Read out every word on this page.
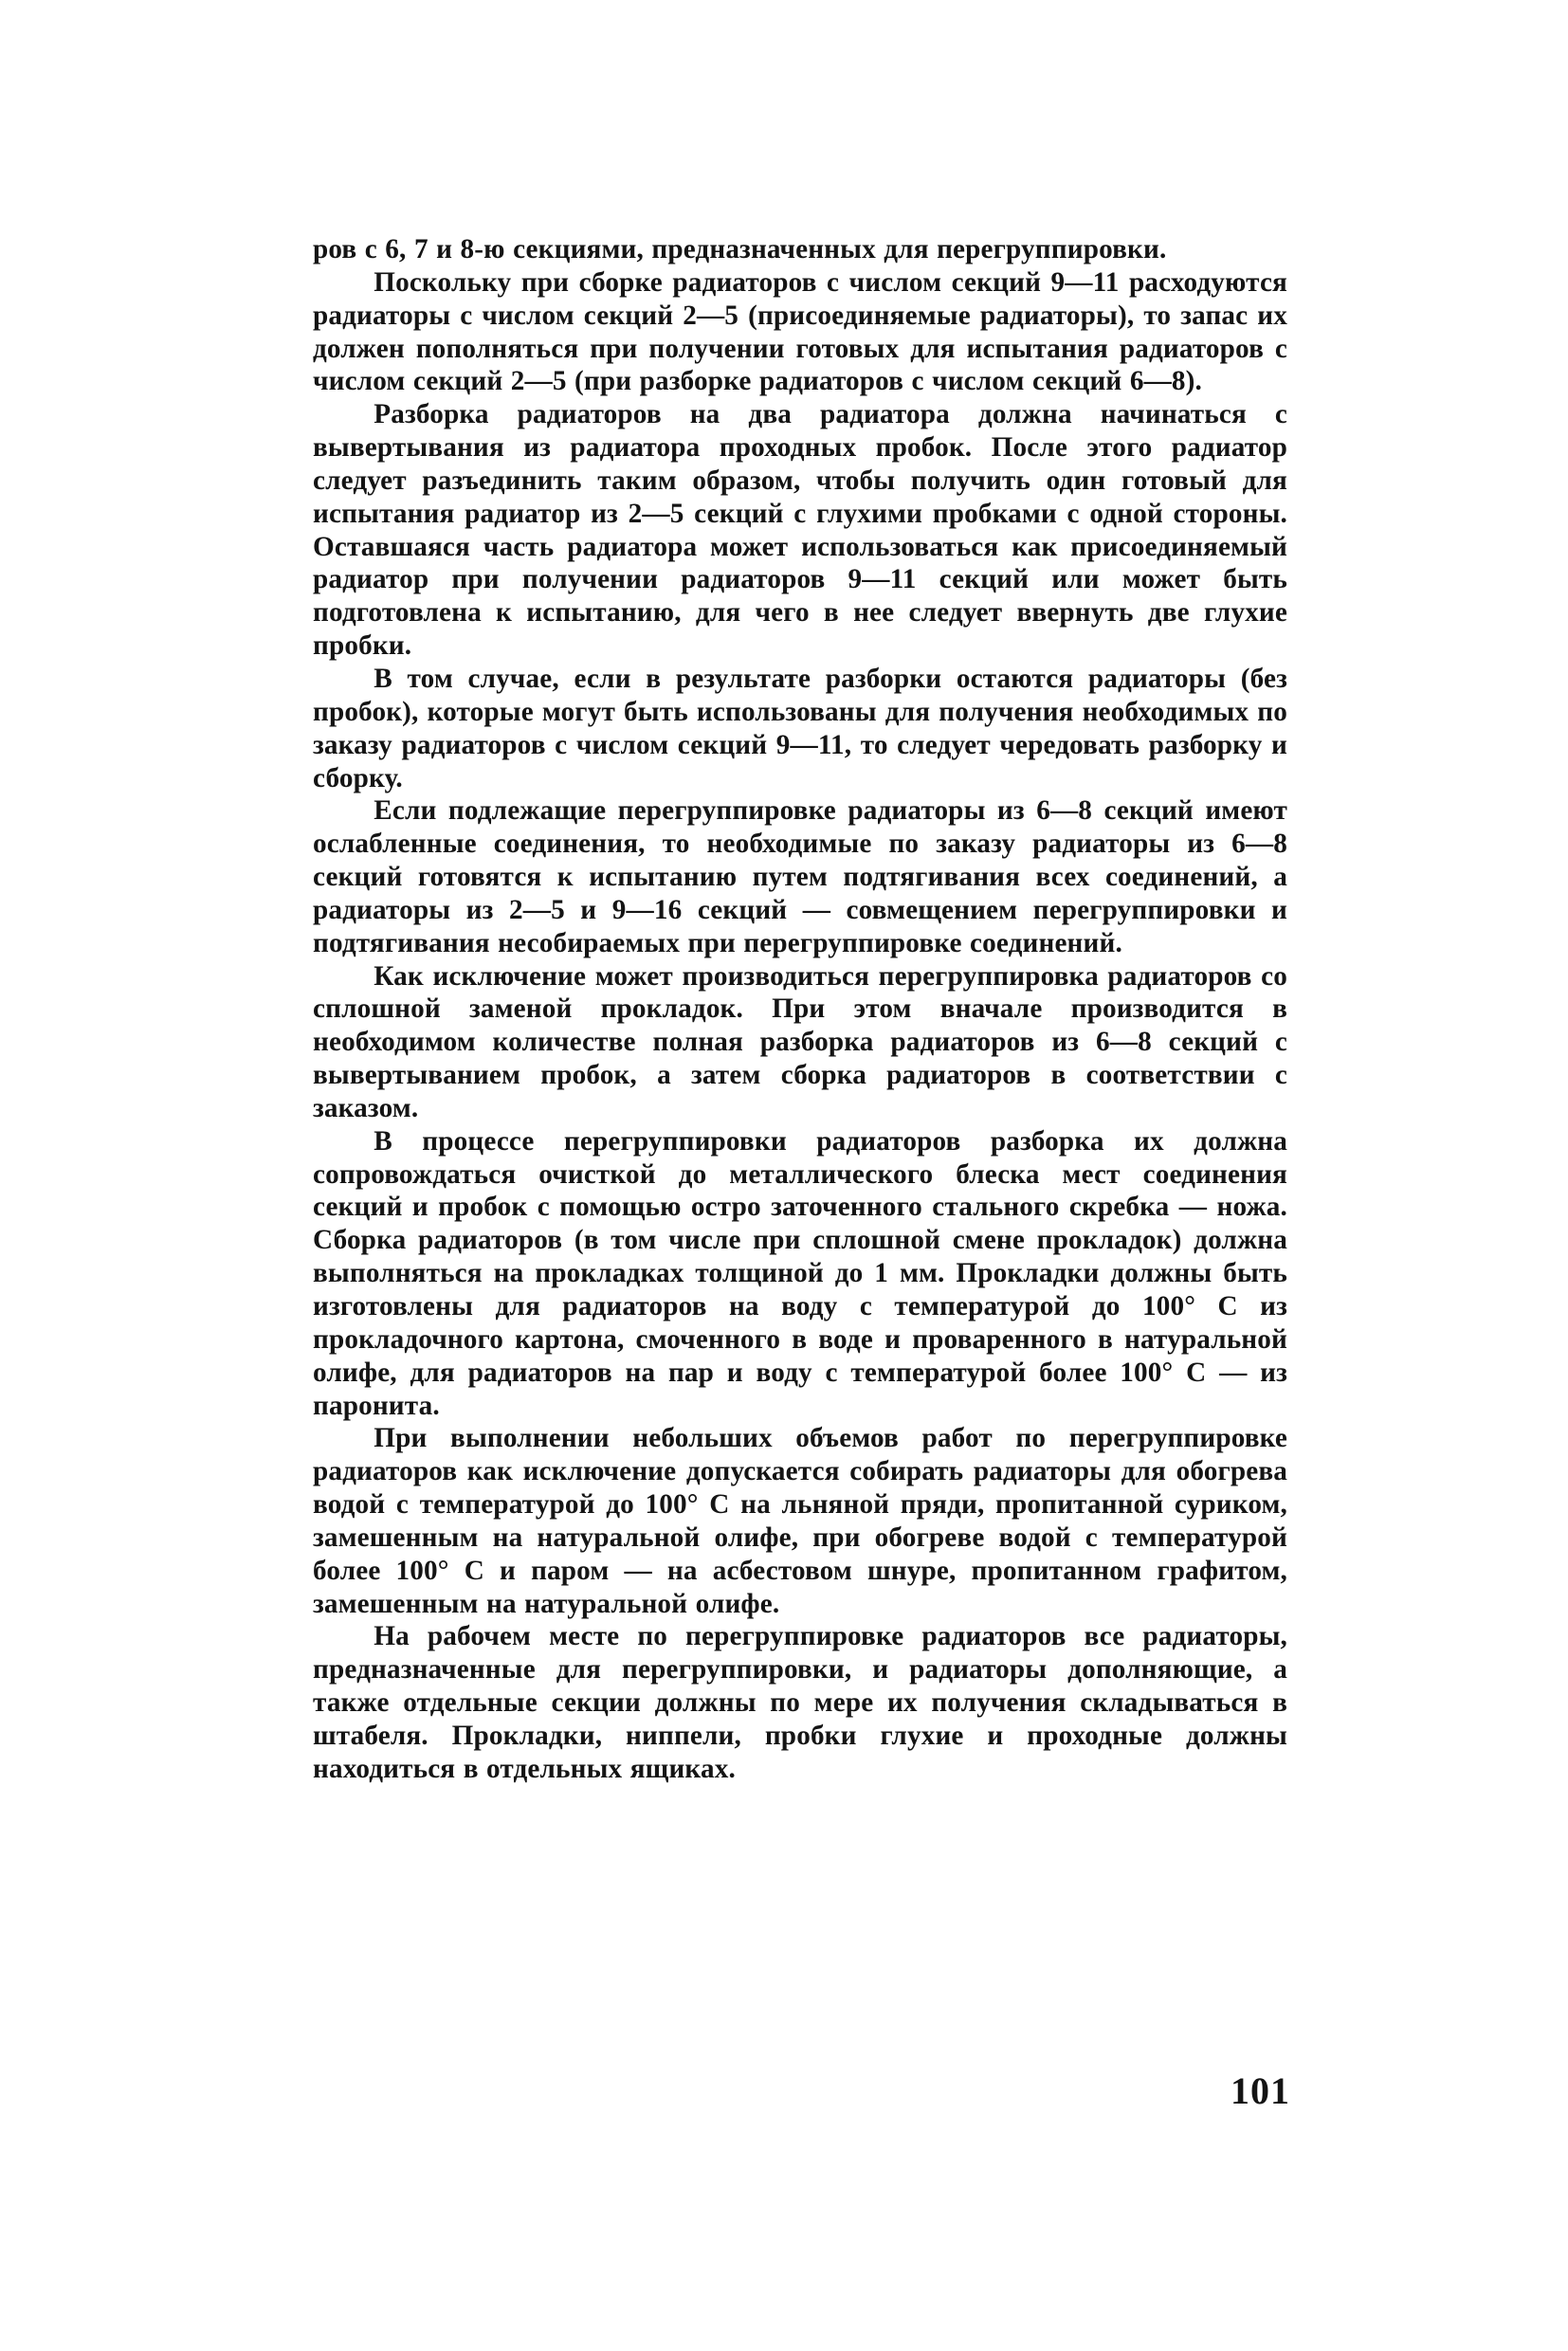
ров с 6, 7 и 8-ю секциями, предназначенных для перегруппировки.

Поскольку при сборке радиаторов с числом секций 9—11 расходуются радиаторы с числом секций 2—5 (присоединяемые радиаторы), то запас их должен пополняться при получении готовых для испытания радиаторов с числом секций 2—5 (при разборке радиаторов с числом секций 6—8).

Разборка радиаторов на два радиатора должна начинаться с вывертывания из радиатора проходных пробок. После этого радиатор следует разъединить таким образом, чтобы получить один готовый для испытания радиатор из 2—5 секций с глухими пробками с одной стороны. Оставшаяся часть радиатора может использоваться как присоединяемый радиатор при получении радиаторов 9—11 секций или может быть подготовлена к испытанию, для чего в нее следует ввернуть две глухие пробки.

В том случае, если в результате разборки остаются радиаторы (без пробок), которые могут быть использованы для получения необходимых по заказу радиаторов с числом секций 9—11, то следует чередовать разборку и сборку.

Если подлежащие перегруппировке радиаторы из 6—8 секций имеют ослабленные соединения, то необходимые по заказу радиаторы из 6—8 секций готовятся к испытанию путем подтягивания всех соединений, а радиаторы из 2—5 и 9—16 секций — совмещением перегруппировки и подтягивания несобираемых при перегруппировке соединений.

Как исключение может производиться перегруппировка радиаторов со сплошной заменой прокладок. При этом вначале производится в необходимом количестве полная разборка радиаторов из 6—8 секций с вывертыванием пробок, а затем сборка радиаторов в соответствии с заказом.

В процессе перегруппировки радиаторов разборка их должна сопровождаться очисткой до металлического блеска мест соединения секций и пробок с помощью остро заточенного стального скребка — ножа. Сборка радиаторов (в том числе при сплошной смене прокладок) должна выполняться на прокладках толщиной до 1 мм. Прокладки должны быть изготовлены для радиаторов на воду с температурой до 100° С из прокладочного картона, смоченного в воде и проваренного в натуральной олифе, для радиаторов на пар и воду с температурой более 100° С — из паронита.

При выполнении небольших объемов работ по перегруппировке радиаторов как исключение допускается собирать радиаторы для обогрева водой с температурой до 100° С на льняной пряди, пропитанной суриком, замешенным на натуральной олифе, при обогреве водой с температурой более 100° С и паром — на асбестовом шнуре, пропитанном графитом, замешенным на натуральной олифе.

На рабочем месте по перегруппировке радиаторов все радиаторы, предназначенные для перегруппировки, и радиаторы дополняющие, а также отдельные секции должны по мере их получения складываться в штабеля. Прокладки, ниппели, пробки глухие и проходные должны находиться в отдельных ящиках.

101
